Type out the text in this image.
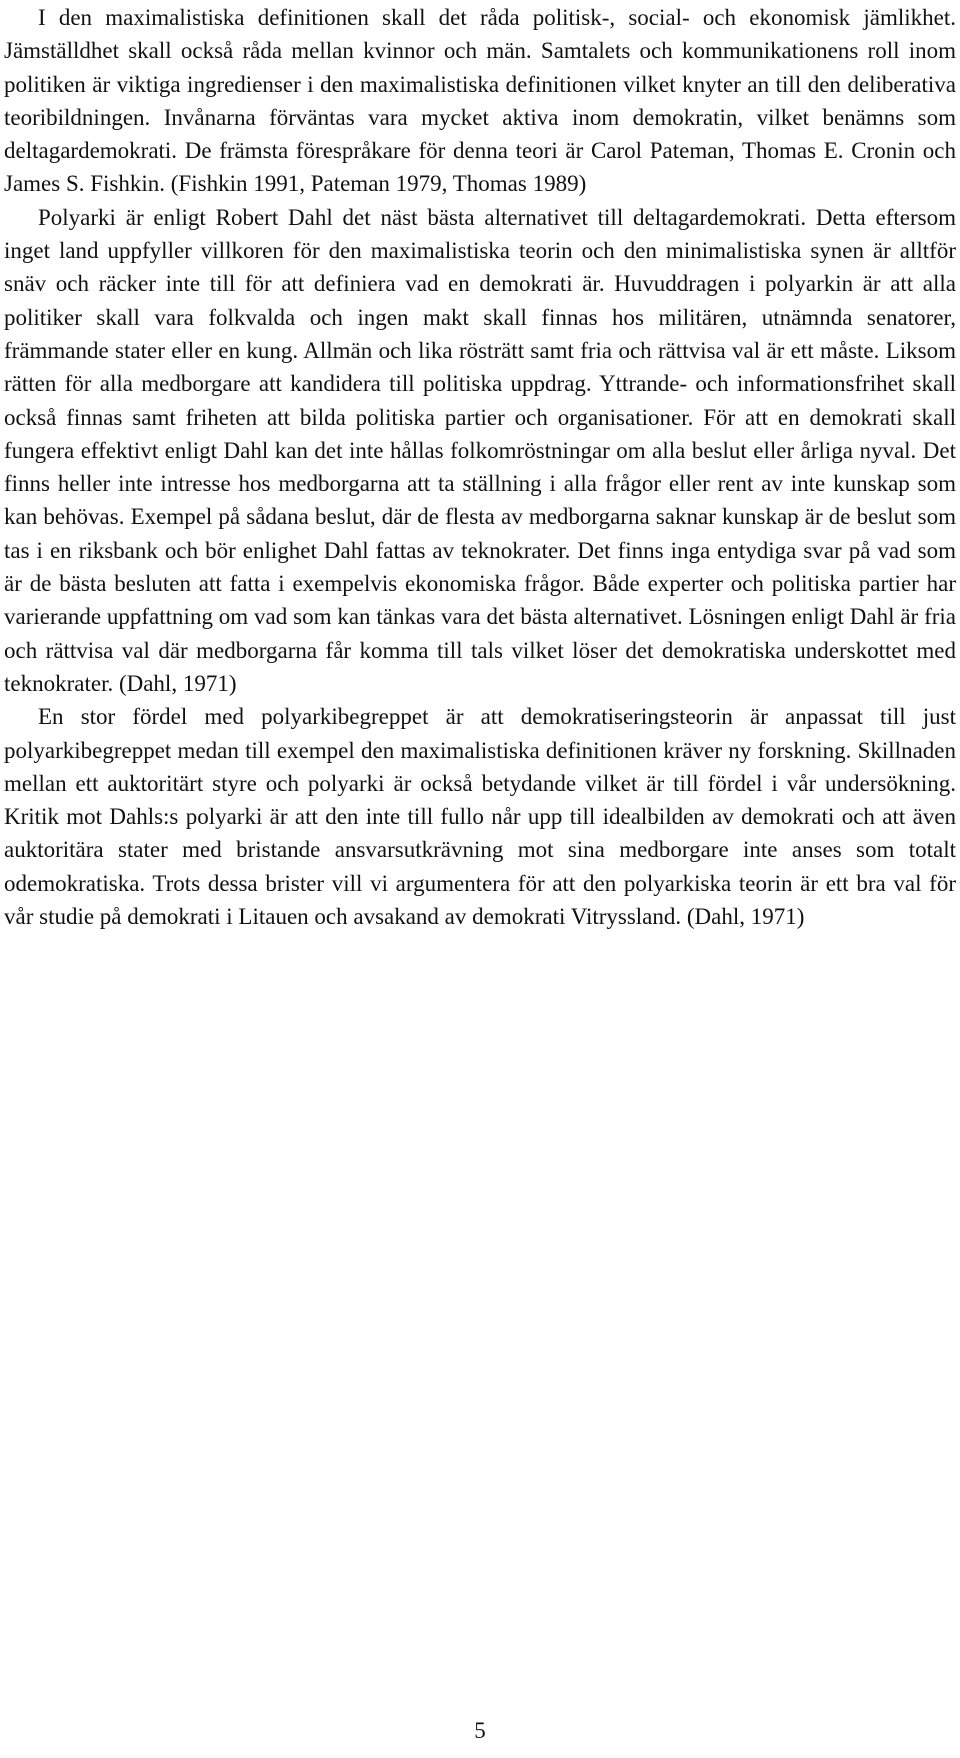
I den maximalistiska definitionen skall det råda politisk-, social- och ekonomisk jämlikhet. Jämställdhet skall också råda mellan kvinnor och män. Samtalets och kommunikationens roll inom politiken är viktiga ingredienser i den maximalistiska definitionen vilket knyter an till den deliberativa teoribildningen. Invånarna förväntas vara mycket aktiva inom demokratin, vilket benämns som deltagardemokrati. De främsta förespråkare för denna teori är Carol Pateman, Thomas E. Cronin och James S. Fishkin. (Fishkin 1991, Pateman 1979, Thomas 1989)

Polyarki är enligt Robert Dahl det näst bästa alternativet till deltagardemokrati. Detta eftersom inget land uppfyller villkoren för den maximalistiska teorin och den minimalistiska synen är alltför snäv och räcker inte till för att definiera vad en demokrati är. Huvuddragen i polyarkin är att alla politiker skall vara folkvalda och ingen makt skall finnas hos militären, utnämnda senatorer, främmande stater eller en kung. Allmän och lika rösträtt samt fria och rättvisa val är ett måste. Liksom rätten för alla medborgare att kandidera till politiska uppdrag. Yttrande- och informationsfrihet skall också finnas samt friheten att bilda politiska partier och organisationer. För att en demokrati skall fungera effektivt enligt Dahl kan det inte hållas folkomröstningar om alla beslut eller årliga nyval. Det finns heller inte intresse hos medborgarna att ta ställning i alla frågor eller rent av inte kunskap som kan behövas. Exempel på sådana beslut, där de flesta av medborgarna saknar kunskap är de beslut som tas i en riksbank och bör enlighet Dahl fattas av teknokrater. Det finns inga entydiga svar på vad som är de bästa besluten att fatta i exempelvis ekonomiska frågor. Både experter och politiska partier har varierande uppfattning om vad som kan tänkas vara det bästa alternativet. Lösningen enligt Dahl är fria och rättvisa val där medborgarna får komma till tals vilket löser det demokratiska underskottet med teknokrater. (Dahl, 1971)

En stor fördel med polyarkibegreppet är att demokratiseringsteorin är anpassat till just polyarkibegreppet medan till exempel den maximalistiska definitionen kräver ny forskning. Skillnaden mellan ett auktoritärt styre och polyarki är också betydande vilket är till fördel i vår undersökning. Kritik mot Dahls:s polyarki är att den inte till fullo når upp till idealbilden av demokrati och att även auktoritära stater med bristande ansvarsutkrävning mot sina medborgare inte anses som totalt odemokratiska. Trots dessa brister vill vi argumentera för att den polyarkiska teorin är ett bra val för vår studie på demokrati i Litauen och avsakand av demokrati Vitryssland. (Dahl, 1971)

5
